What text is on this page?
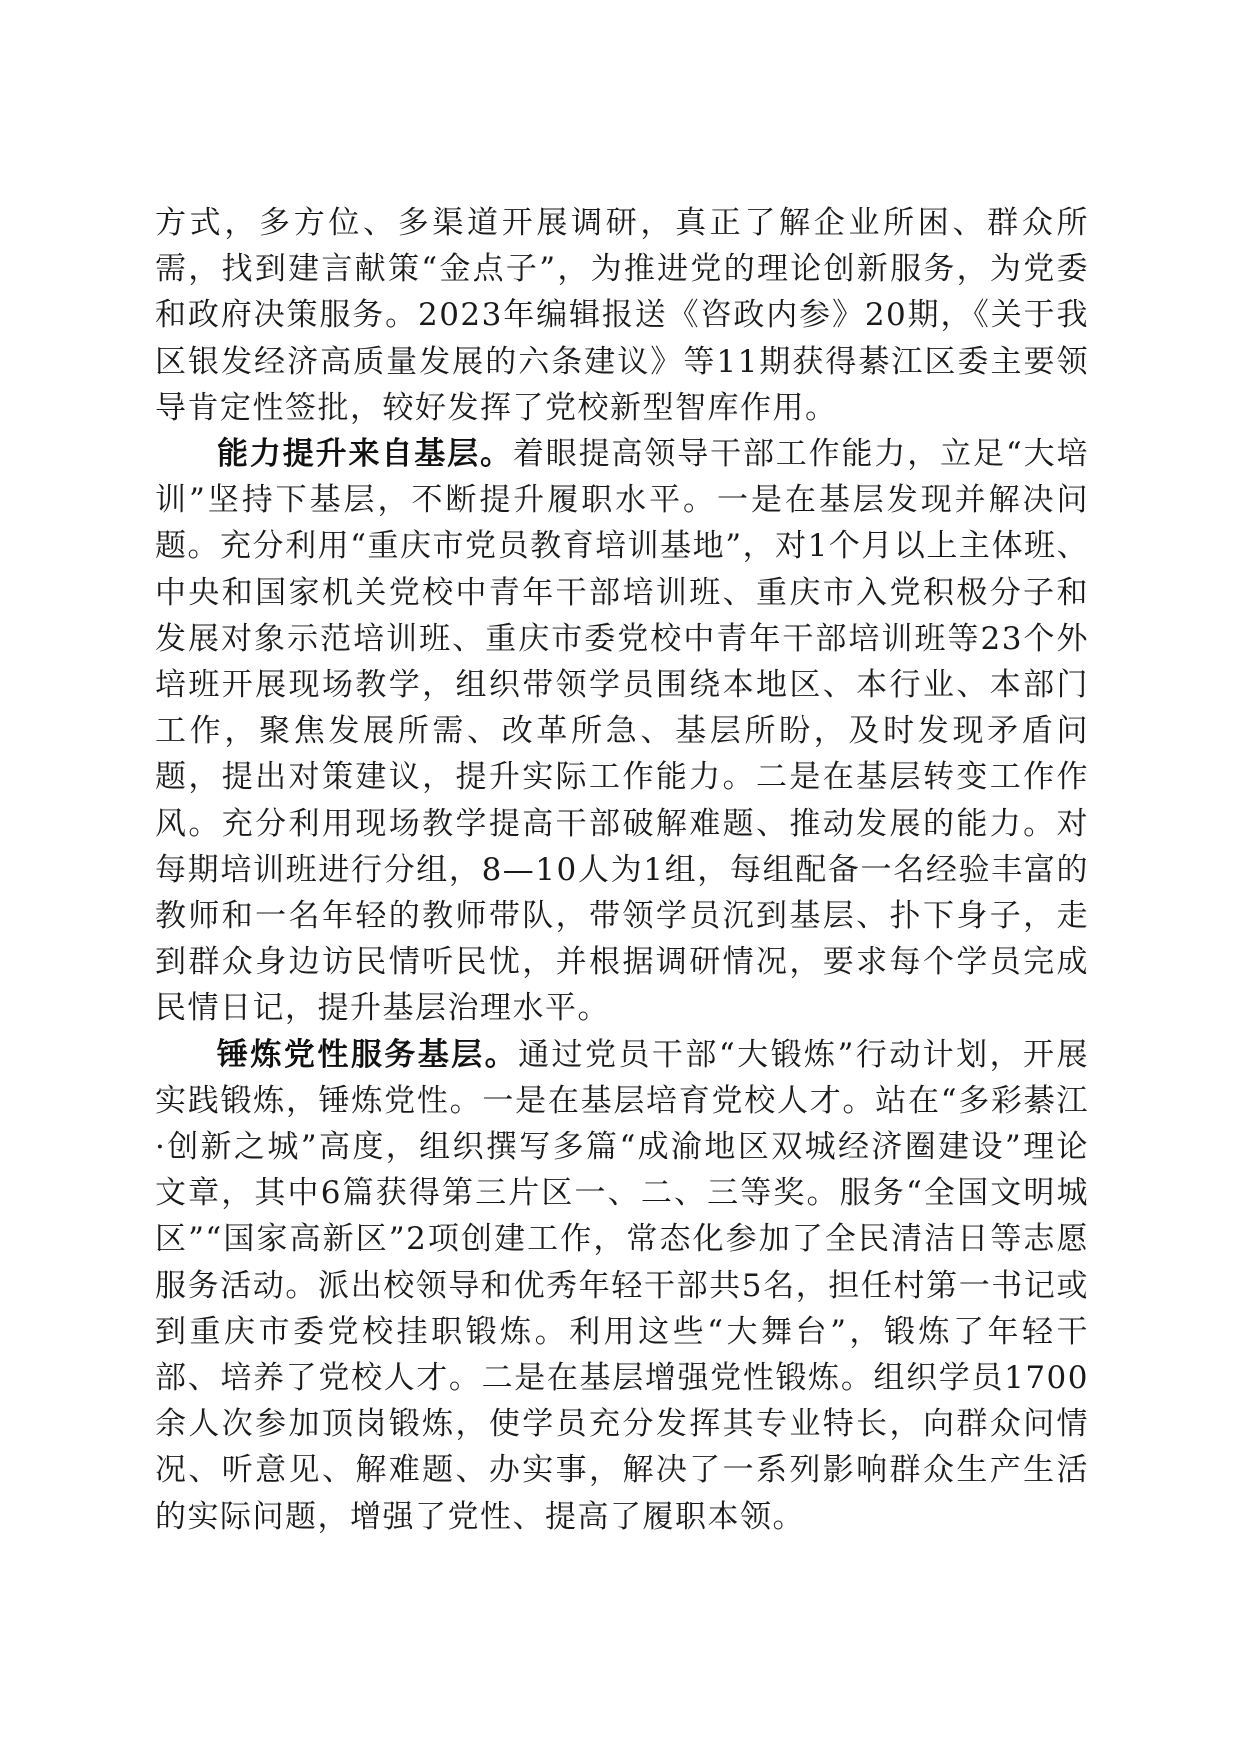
方式，多方位、多渠道开展调研，真正了解企业所困、群众所需，找到建言献策“金点子”，为推进党的理论创新服务，为党委和政府决策服务。2023年编辑报送《咨政内参》20期，《关于我区银发经济高质量发展的六条建议》等11期获得綦江区委主要领导肯定性签批，较好发挥了党校新型智库作用。

能力提升来自基层。着眼提高领导干部工作能力，立足“大培训”坚持下基层，不断提升履职水平。一是在基层发现并解决问题。充分利用“重庆市党员教育培训基地”，对1个月以上主体班、中央和国家机关党校中青年干部培训班、重庆市入党积极分子和发展对象示范培训班、重庆市委党校中青年干部培训班等23个外培班开展现场教学，组织带领学员围绕本地区、本行业、本部门工作，聚焦发展所需、改革所急、基层所盼，及时发现矛盾问题，提出对策建议，提升实际工作能力。二是在基层转变工作作风。充分利用现场教学提高干部破解难题、推动发展的能力。对每期培训班进行分组，8—10人为1组，每组配备一名经验丰富的教师和一名年轻的教师带队，带领学员沉到基层、扑下身子，走到群众身边访民情听民忧，并根据调研情况，要求每个学员完成民情日记，提升基层治理水平。

锤炼党性服务基层。通过党员干部“大锻炼”行动计划，开展实践锻炼，锤炼党性。一是在基层培育党校人才。站在“多彩綦江·创新之城”高度，组织撰写多篇“成渝地区双城经济圈建设”理论文章，其中6篇获得第三片区一、二、三等奖。服务“全国文明城区”“国家高新区”2项创建工作，常态化参加了全民清洁日等志愿服务活动。派出校领导和优秀年轻干部共5名，担任村第一书记或到重庆市委党校挂职锻炼。利用这些“大舞台”，锻炼了年轻干部、培养了党校人才。二是在基层增强党性锻炼。组织学员1700余人次参加顶岗锻炼，使学员充分发挥其专业特长，向群众问情况、听意见、解难题、办实事，解决了一系列影响群众生产生活的实际问题，增强了党性、提高了履职本领。
